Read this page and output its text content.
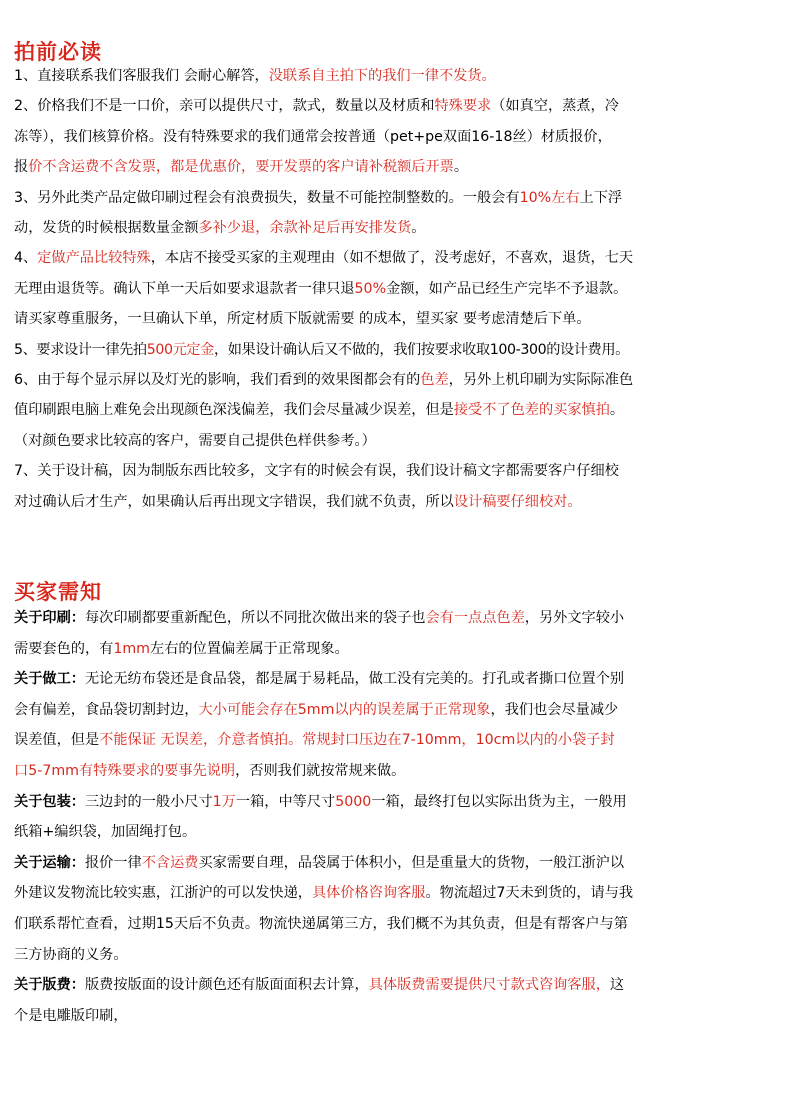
拍前必读
1、直接联系我们客服我们 会耐心解答，没联系自主拍下的我们一律不发货。
2、价格我们不是一口价，亲可以提供尺寸，款式，数量以及材质和特殊要求（如真空，蒸煮，冷
冻等），我们核算价格。没有特殊要求的我们通常会按普通（pet+pe双面16-18丝）材质报价，
报价不含运费不含发票，都是优惠价，要开发票的客户请补税额后开票。
3、另外此类产品定做印刷过程会有浪费损失，数量不可能控制整数的。一般会有10%左右上下浮
动，发货的时候根据数量金额多补少退，余款补足后再安排发货。
4、定做产品比较特殊，本店不接受买家的主观理由（如不想做了，没考虑好，不喜欢，退货，七天
无理由退货等。确认下单一天后如要求退款者一律只退50%金额，如产品已经生产完毕不予退款。
请买家尊重服务，一旦确认下单，所定材质下版就需要 的成本，望买家 要考虑清楚后下单。
5、要求设计一律先拍500元定金，如果设计确认后又不做的，我们按要求收取100-300的设计费用。
6、由于每个显示屏以及灯光的影响，我们看到的效果图都会有的色差，另外上机印刷为实际际准色
值印刷跟电脑上难免会出现颜色深浅偏差，我们会尽量减少误差，但是接受不了色差的买家慎拍。
（对颜色要求比较高的客户，需要自己提供色样供参考。）
7、关于设计稿，因为制版东西比较多，文字有的时候会有误，我们设计稿文字都需要客户仔细校
对过确认后才生产，如果确认后再出现文字错误，我们就不负责，所以设计稿要仔细校对。
买家需知
关于印刷：每次印刷都要重新配色，所以不同批次做出来的袋子也会有一点点色差，另外文字较小
需要套色的，有1mm左右的位置偏差属于正常现象。
关于做工：无论无纺布袋还是食品袋，都是属于易耗品，做工没有完美的。打孔或者撕口位置个别
会有偏差，食品袋切割封边，大小可能会存在5mm以内的误差属于正常现象，我们也会尽量减少
误差值，但是不能保证 无误差，介意者慎拍。常规封口压边在7-10mm，10cm以内的小袋子封
口5-7mm有特殊要求的要事先说明，否则我们就按常规来做。
关于包装：三边封的一般小尺寸1万一箱，中等尺寸5000一箱，最终打包以实际出货为主，一般用
纸箱+编织袋，加固绳打包。
关于运输：报价一律不含运费买家需要自理，品袋属于体积小，但是重量大的货物，一般江浙沪以
外建议发物流比较实惠，江浙沪的可以发快递，具体价格咨询客服。物流超过7天未到货的，请与我
们联系帮忙查看，过期15天后不负责。物流快递属第三方，我们概不为其负责，但是有帮客户与第
三方协商的义务。
关于版费：版费按版面的设计颜色还有版面面积去计算，具体版费需要提供尺寸款式咨询客服，这
个是电雕版印刷，
